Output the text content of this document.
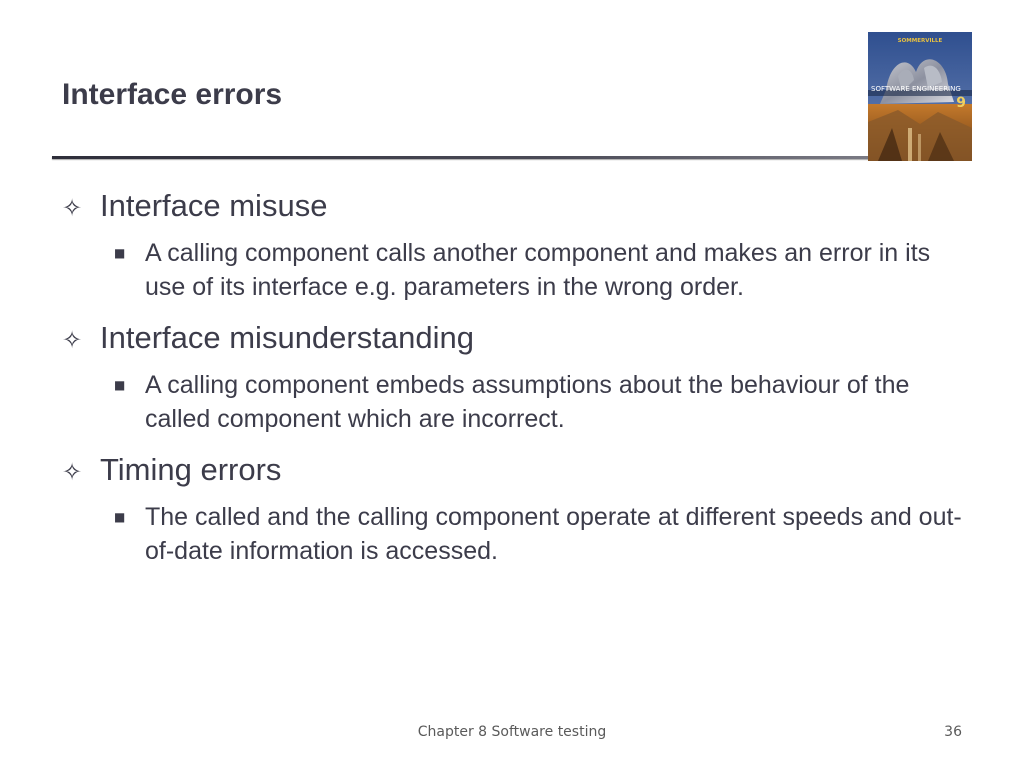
Interface errors
SOMMERVILLE
SOFTWARE ENGINEERING
9
✧ Interface misuse
■ A calling component calls another component and makes an error in its use of its interface e.g. parameters in the wrong order.
✧ Interface misunderstanding
■ A calling component embeds assumptions about the behaviour of the called component which are incorrect.
✧ Timing errors
■ The called and the calling component operate at different speeds and out-of-date information is accessed.
Chapter 8 Software testing	36
